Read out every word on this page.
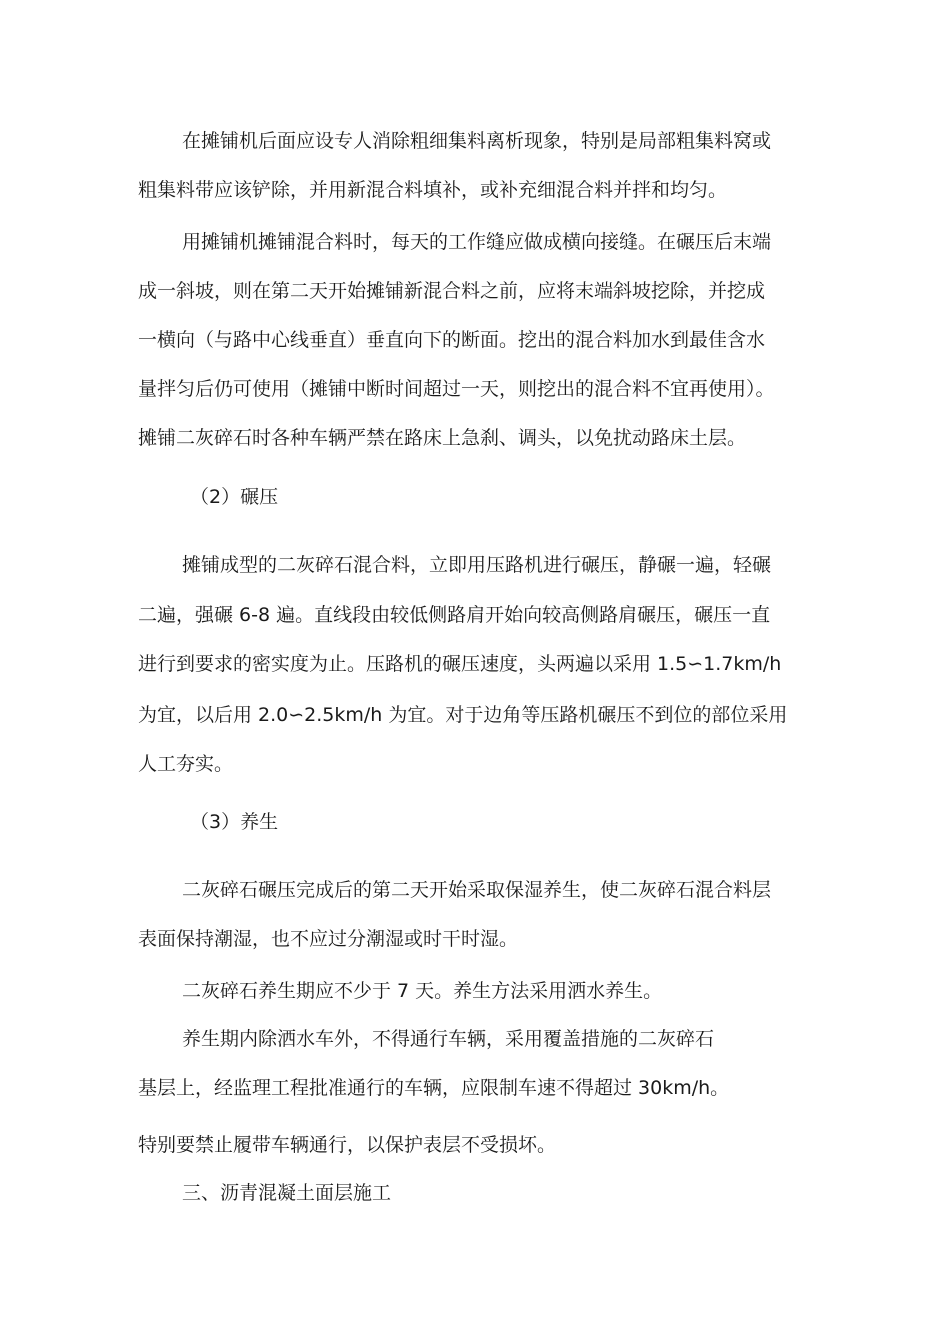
在摊铺机后面应设专人消除粗细集料离析现象，特别是局部粗集料窝或

粗集料带应该铲除，并用新混合料填补，或补充细混合料并拌和均匀。

用摊铺机摊铺混合料时，每天的工作缝应做成横向接缝。在碾压后末端

成一斜坡，则在第二天开始摊铺新混合料之前，应将末端斜坡挖除，并挖成

一横向（与路中心线垂直）垂直向下的断面。挖出的混合料加水到最佳含水

量拌匀后仍可使用（摊铺中断时间超过一天，则挖出的混合料不宜再使用）。

摊铺二灰碎石时各种车辆严禁在路床上急刹、调头，以免扰动路床土层。

（2）碾压

摊铺成型的二灰碎石混合料，立即用压路机进行碾压，静碾一遍，轻碾

二遍，强碾 6-8 遍。直线段由较低侧路肩开始向较高侧路肩碾压，碾压一直

进行到要求的密实度为止。压路机的碾压速度，头两遍以采用 1.5∽1.7km/h

为宜，以后用 2.0∽2.5km/h 为宜。对于边角等压路机碾压不到位的部位采用

人工夯实。

（3）养生

二灰碎石碾压完成后的第二天开始采取保湿养生，使二灰碎石混合料层

表面保持潮湿，也不应过分潮湿或时干时湿。

二灰碎石养生期应不少于 7 天。养生方法采用洒水养生。

养生期内除洒水车外，不得通行车辆，采用覆盖措施的二灰碎石

基层上，经监理工程批准通行的车辆，应限制车速不得超过 30km/h。

特别要禁止履带车辆通行，以保护表层不受损坏。

三、沥青混凝土面层施工
